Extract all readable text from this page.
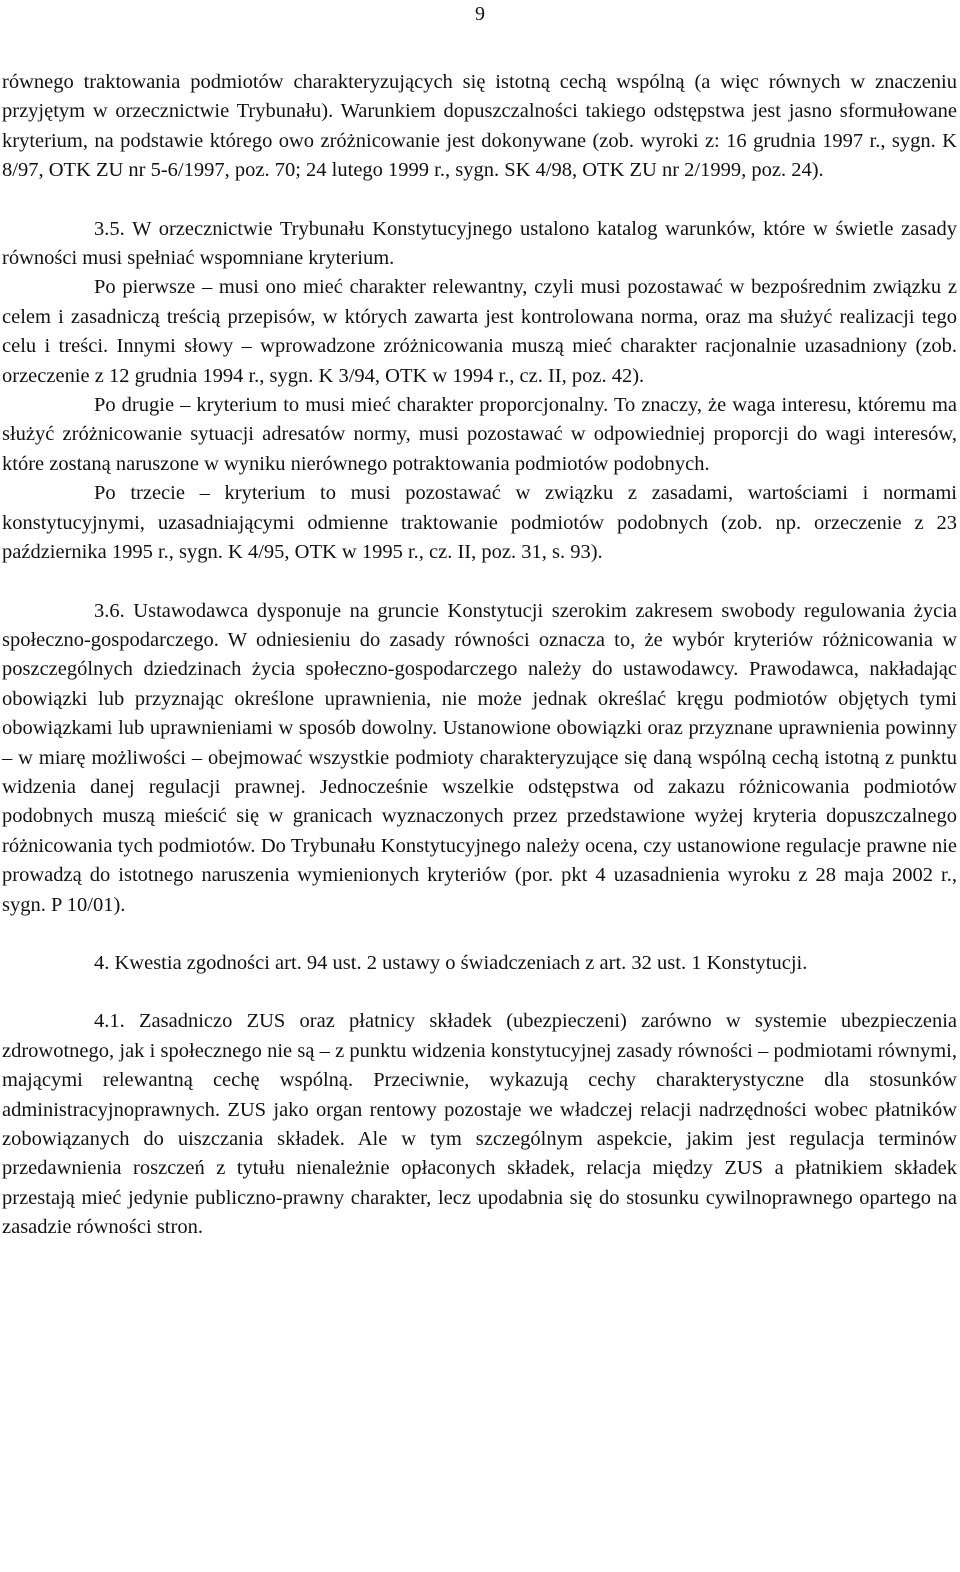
9

równego traktowania podmiotów charakteryzujących się istotną cechą wspólną (a więc równych w znaczeniu przyjętym w orzecznictwie Trybunału). Warunkiem dopuszczalności takiego odstępstwa jest jasno sformułowane kryterium, na podstawie którego owo zróżnicowanie jest dokonywane (zob. wyroki z: 16 grudnia 1997 r., sygn. K 8/97, OTK ZU nr 5-6/1997, poz. 70; 24 lutego 1999 r., sygn. SK 4/98, OTK ZU nr 2/1999, poz. 24).

3.5. W orzecznictwie Trybunału Konstytucyjnego ustalono katalog warunków, które w świetle zasady równości musi spełniać wspomniane kryterium.

Po pierwsze – musi ono mieć charakter relewantny, czyli musi pozostawać w bezpośrednim związku z celem i zasadniczą treścią przepisów, w których zawarta jest kontrolowana norma, oraz ma służyć realizacji tego celu i treści. Innymi słowy – wprowadzone zróżnicowania muszą mieć charakter racjonalnie uzasadniony (zob. orzeczenie z 12 grudnia 1994 r., sygn. K 3/94, OTK w 1994 r., cz. II, poz. 42).

Po drugie – kryterium to musi mieć charakter proporcjonalny. To znaczy, że waga interesu, któremu ma służyć zróżnicowanie sytuacji adresatów normy, musi pozostawać w odpowiedniej proporcji do wagi interesów, które zostaną naruszone w wyniku nierównego potraktowania podmiotów podobnych.

Po trzecie – kryterium to musi pozostawać w związku z zasadami, wartościami i normami konstytucyjnymi, uzasadniającymi odmienne traktowanie podmiotów podobnych (zob. np. orzeczenie z 23 października 1995 r., sygn. K 4/95, OTK w 1995 r., cz. II, poz. 31, s. 93).

3.6. Ustawodawca dysponuje na gruncie Konstytucji szerokim zakresem swobody regulowania życia społeczno-gospodarczego. W odniesieniu do zasady równości oznacza to, że wybór kryteriów różnicowania w poszczególnych dziedzinach życia społeczno-gospodarczego należy do ustawodawcy. Prawodawca, nakładając obowiązki lub przyznając określone uprawnienia, nie może jednak określać kręgu podmiotów objętych tymi obowiązkami lub uprawnieniami w sposób dowolny. Ustanowione obowiązki oraz przyznane uprawnienia powinny – w miarę możliwości – obejmować wszystkie podmioty charakteryzujące się daną wspólną cechą istotną z punktu widzenia danej regulacji prawnej. Jednocześnie wszelkie odstępstwa od zakazu różnicowania podmiotów podobnych muszą mieścić się w granicach wyznaczonych przez przedstawione wyżej kryteria dopuszczalnego różnicowania tych podmiotów. Do Trybunału Konstytucyjnego należy ocena, czy ustanowione regulacje prawne nie prowadzą do istotnego naruszenia wymienionych kryteriów (por. pkt 4 uzasadnienia wyroku z 28 maja 2002 r., sygn. P 10/01).

4. Kwestia zgodności art. 94 ust. 2 ustawy o świadczeniach z art. 32 ust. 1 Konstytucji.

4.1. Zasadniczo ZUS oraz płatnicy składek (ubezpieczeni) zarówno w systemie ubezpieczenia zdrowotnego, jak i społecznego nie są – z punktu widzenia konstytucyjnej zasady równości – podmiotami równymi, mającymi relewantną cechę wspólną. Przeciwnie, wykazują cechy charakterystyczne dla stosunków administracyjnoprawnych. ZUS jako organ rentowy pozostaje we władczej relacji nadrzędności wobec płatników zobowiązanych do uiszczania składek. Ale w tym szczególnym aspekcie, jakim jest regulacja terminów przedawnienia roszczeń z tytułu nienależnie opłaconych składek, relacja między ZUS a płatnikiem składek przestają mieć jedynie publiczno-prawny charakter, lecz upodabnia się do stosunku cywilnoprawnego opartego na zasadzie równości stron.
